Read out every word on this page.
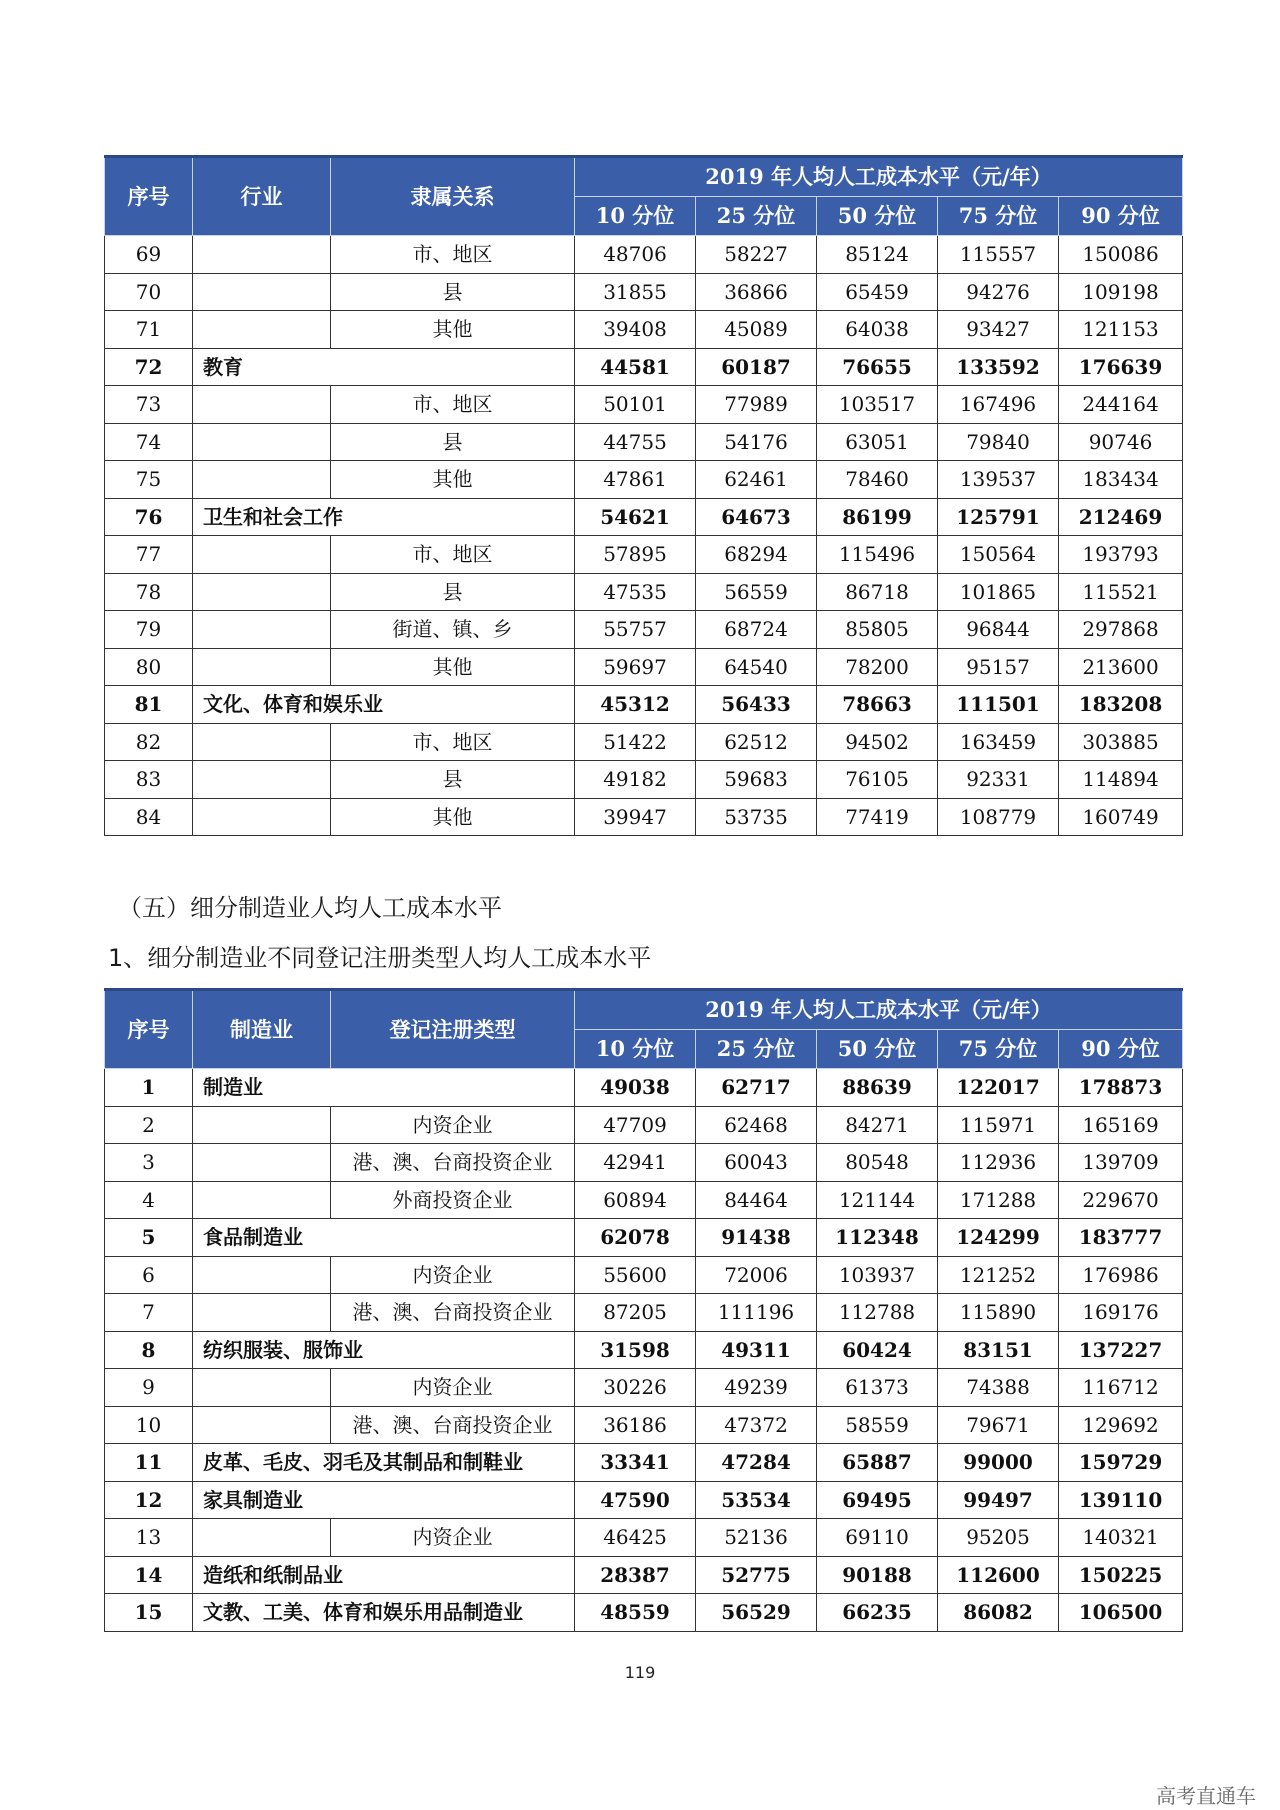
序号	行业	隶属关系	2019 年人均人工成本水平（元/年）				
			10 分位	25 分位	50 分位	75 分位	90 分位
69		市、地区	48706	58227	85124	115557	150086
70		县	31855	36866	65459	94276	109198
71		其他	39408	45089	64038	93427	121153
72	教育		44581	60187	76655	133592	176639
73		市、地区	50101	77989	103517	167496	244164
74		县	44755	54176	63051	79840	90746
75		其他	47861	62461	78460	139537	183434
76	卫生和社会工作		54621	64673	86199	125791	212469
77		市、地区	57895	68294	115496	150564	193793
78		县	47535	56559	86718	101865	115521
79		街道、镇、乡	55757	68724	85805	96844	297868
80		其他	59697	64540	78200	95157	213600
81	文化、体育和娱乐业		45312	56433	78663	111501	183208
82		市、地区	51422	62512	94502	163459	303885
83		县	49182	59683	76105	92331	114894
84		其他	39947	53735	77419	108779	160749
（五）细分制造业人均人工成本水平
1、细分制造业不同登记注册类型人均人工成本水平
序号	制造业	登记注册类型	2019 年人均人工成本水平（元/年）				
			10 分位	25 分位	50 分位	75 分位	90 分位
1	制造业		49038	62717	88639	122017	178873
2		内资企业	47709	62468	84271	115971	165169
3		港、澳、台商投资企业	42941	60043	80548	112936	139709
4		外商投资企业	60894	84464	121144	171288	229670
5	食品制造业		62078	91438	112348	124299	183777
6		内资企业	55600	72006	103937	121252	176986
7		港、澳、台商投资企业	87205	111196	112788	115890	169176
8	纺织服装、服饰业		31598	49311	60424	83151	137227
9		内资企业	30226	49239	61373	74388	116712
10		港、澳、台商投资企业	36186	47372	58559	79671	129692
11	皮革、毛皮、羽毛及其制品和制鞋业		33341	47284	65887	99000	159729
12	家具制造业		47590	53534	69495	99497	139110
13		内资企业	46425	52136	69110	95205	140321
14	造纸和纸制品业		28387	52775	90188	112600	150225
15	文教、工美、体育和娱乐用品制造业		48559	56529	66235	86082	106500
119
高考直通车
